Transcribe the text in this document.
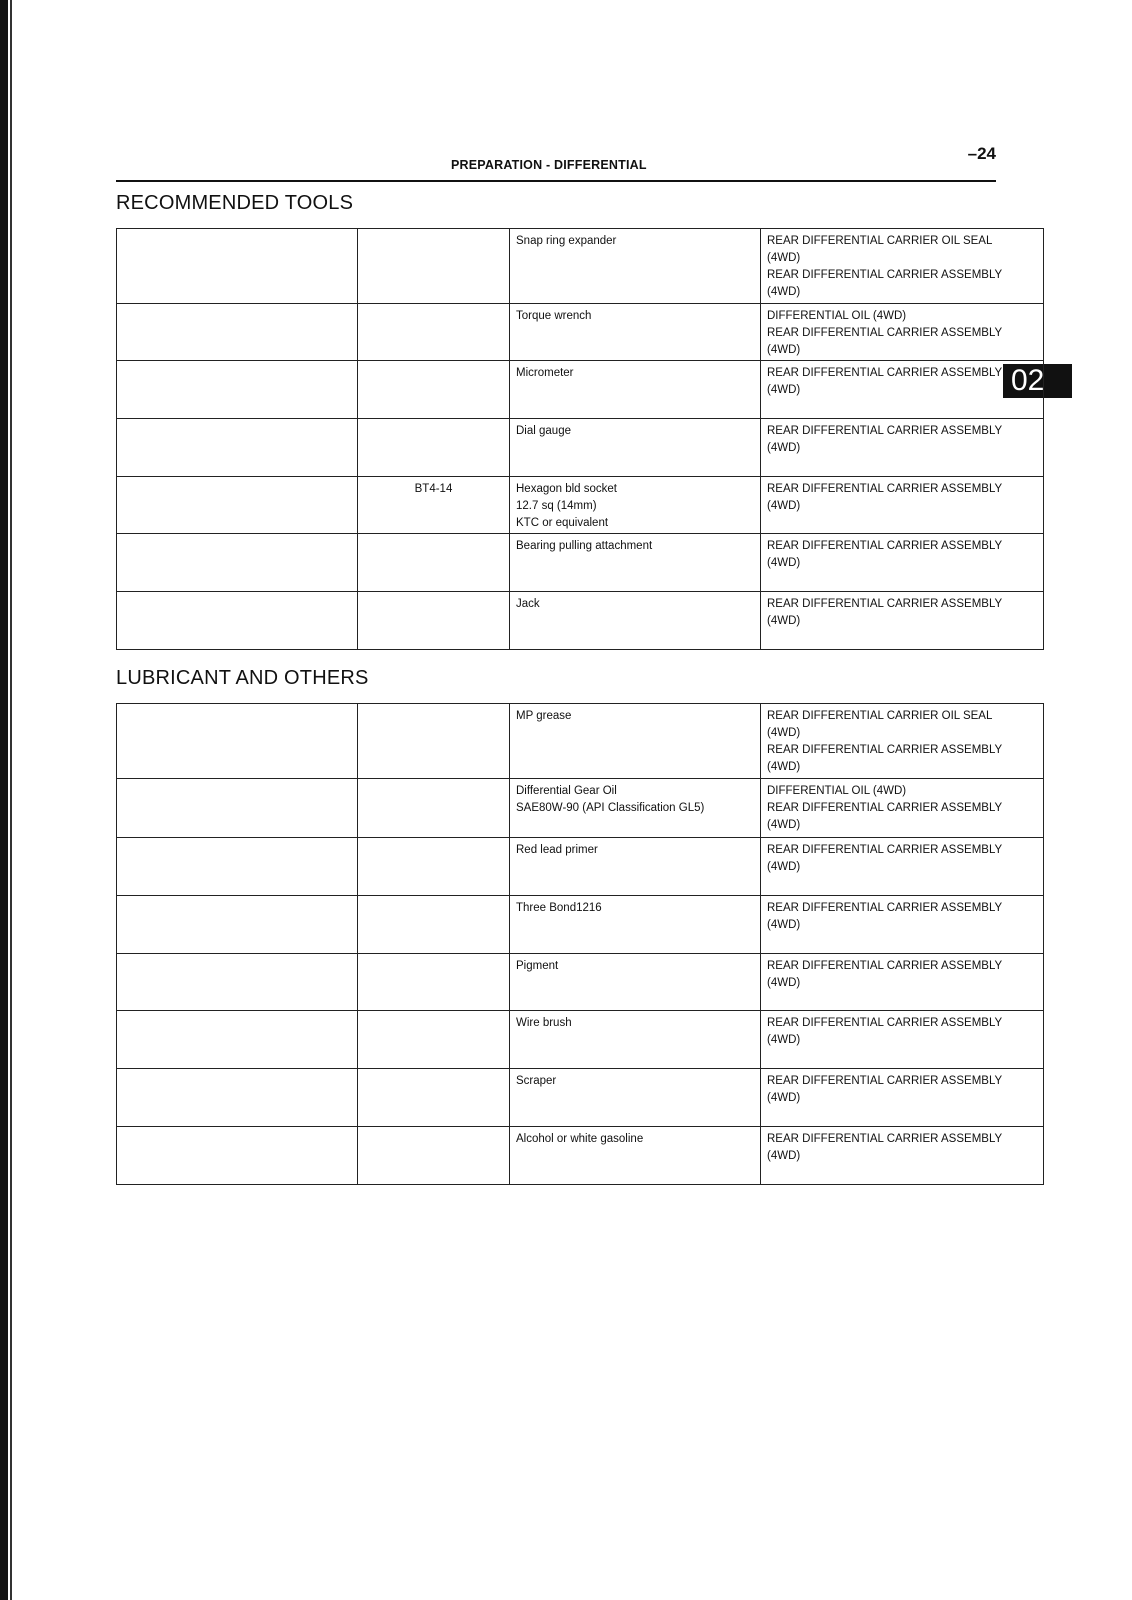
PREPARATION - DIFFERENTIAL
–24
02
RECOMMENDED TOOLS

		Snap ring expander	REAR DIFFERENTIAL CARRIER OIL SEAL
(4WD)
REAR DIFFERENTIAL CARRIER ASSEMBLY
(4WD)

		Torque wrench	DIFFERENTIAL OIL (4WD)
REAR DIFFERENTIAL CARRIER ASSEMBLY
(4WD)

		Micrometer	REAR DIFFERENTIAL CARRIER ASSEMBLY
(4WD)

		Dial gauge	REAR DIFFERENTIAL CARRIER ASSEMBLY
(4WD)

	BT4-14	Hexagon bld socket
12.7 sq (14mm)
KTC or equivalent	REAR DIFFERENTIAL CARRIER ASSEMBLY
(4WD)

		Bearing pulling attachment	REAR DIFFERENTIAL CARRIER ASSEMBLY
(4WD)

		Jack	REAR DIFFERENTIAL CARRIER ASSEMBLY
(4WD)
LUBRICANT AND OTHERS

		MP grease	REAR DIFFERENTIAL CARRIER OIL SEAL
(4WD)
REAR DIFFERENTIAL CARRIER ASSEMBLY
(4WD)

		Differential Gear Oil
SAE80W-90 (API Classification GL5)	DIFFERENTIAL OIL (4WD)
REAR DIFFERENTIAL CARRIER ASSEMBLY
(4WD)

		Red lead primer	REAR DIFFERENTIAL CARRIER ASSEMBLY
(4WD)

		Three Bond1216	REAR DIFFERENTIAL CARRIER ASSEMBLY
(4WD)

		Pigment	REAR DIFFERENTIAL CARRIER ASSEMBLY
(4WD)

		Wire brush	REAR DIFFERENTIAL CARRIER ASSEMBLY
(4WD)

		Scraper	REAR DIFFERENTIAL CARRIER ASSEMBLY
(4WD)

		Alcohol or white gasoline	REAR DIFFERENTIAL CARRIER ASSEMBLY
(4WD)
